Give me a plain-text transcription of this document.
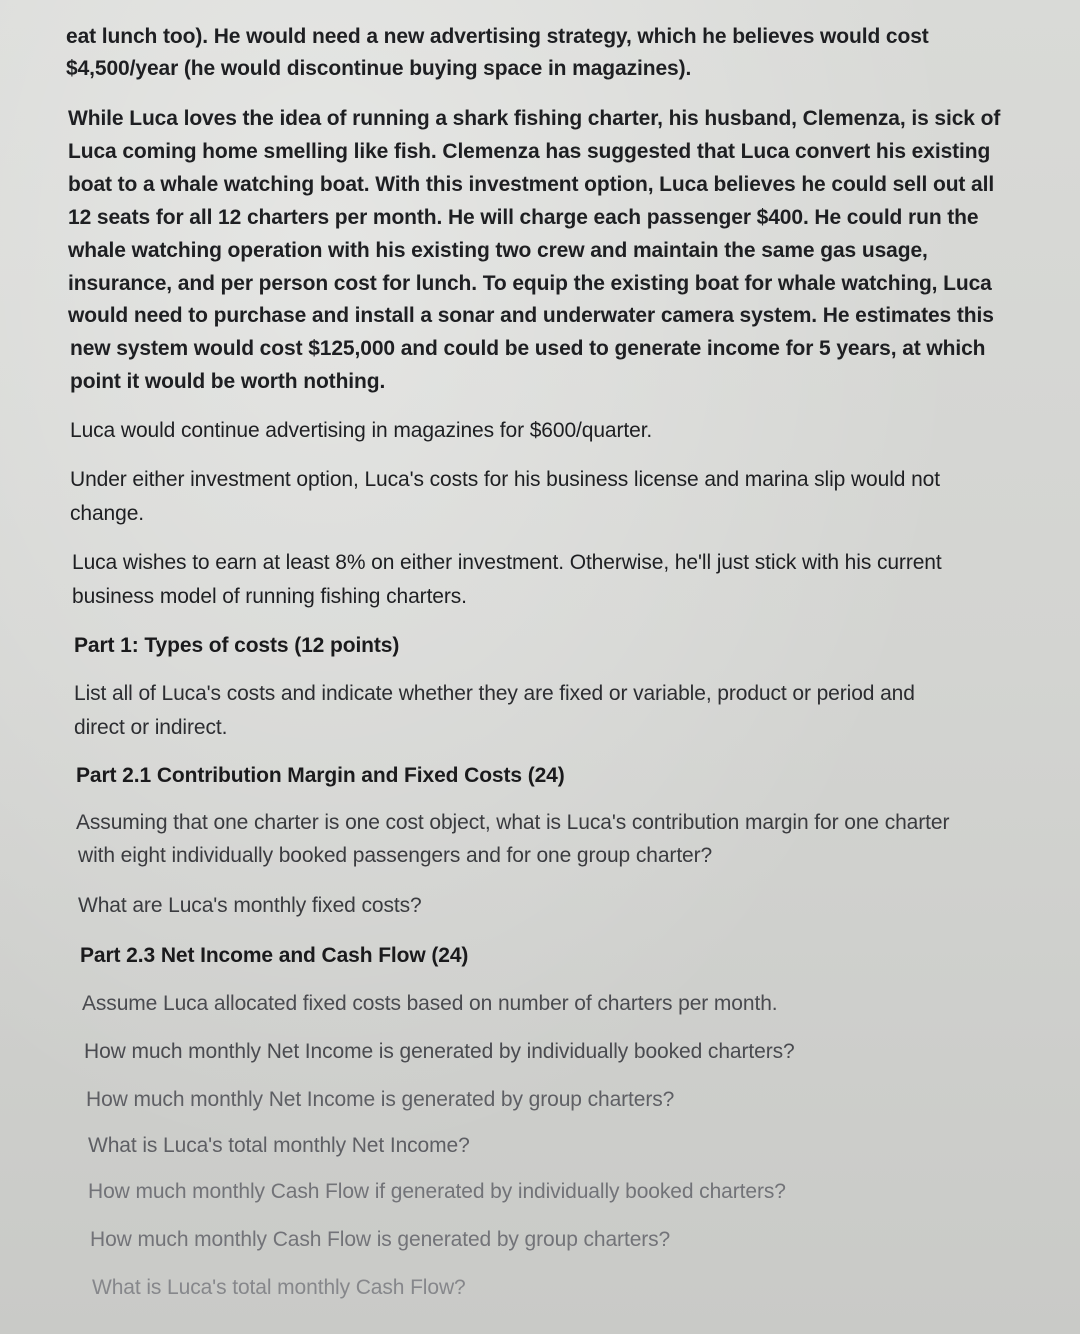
eat lunch too). He would need a new advertising strategy, which he believes would cost
$4,500/year (he would discontinue buying space in magazines).
While Luca loves the idea of running a shark fishing charter, his husband, Clemenza, is sick of
Luca coming home smelling like fish. Clemenza has suggested that Luca convert his existing
boat to a whale watching boat. With this investment option, Luca believes he could sell out all
12 seats for all 12 charters per month. He will charge each passenger $400. He could run the
whale watching operation with his existing two crew and maintain the same gas usage,
insurance, and per person cost for lunch. To equip the existing boat for whale watching, Luca
would need to purchase and install a sonar and underwater camera system. He estimates this
new system would cost $125,000 and could be used to generate income for 5 years, at which
point it would be worth nothing.
Luca would continue advertising in magazines for $600/quarter.
Under either investment option, Luca's costs for his business license and marina slip would not
change.
Luca wishes to earn at least 8% on either investment. Otherwise, he'll just stick with his current
business model of running fishing charters.
Part 1: Types of costs (12 points)
List all of Luca's costs and indicate whether they are fixed or variable, product or period and
direct or indirect.
Part 2.1 Contribution Margin and Fixed Costs (24)
Assuming that one charter is one cost object, what is Luca's contribution margin for one charter
with eight individually booked passengers and for one group charter?
What are Luca's monthly fixed costs?
Part 2.3 Net Income and Cash Flow (24)
Assume Luca allocated fixed costs based on number of charters per month.
How much monthly Net Income is generated by individually booked charters?
How much monthly Net Income is generated by group charters?
What is Luca's total monthly Net Income?
How much monthly Cash Flow if generated by individually booked charters?
How much monthly Cash Flow is generated by group charters?
What is Luca's total monthly Cash Flow?
